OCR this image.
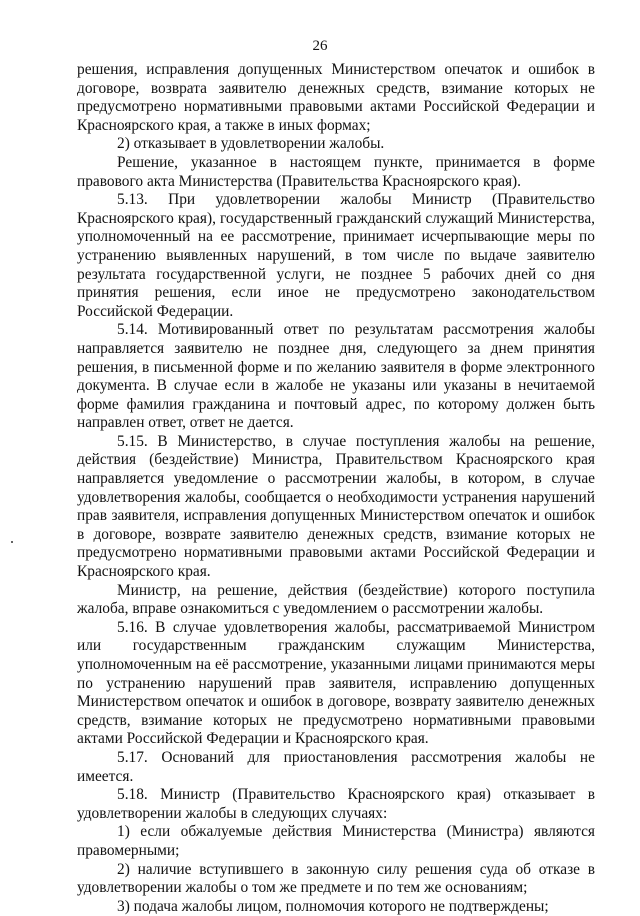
26

решения, исправления допущенных Министерством опечаток и ошибок в договоре, возврата заявителю денежных средств, взимание которых не предусмотрено нормативными правовыми актами Российской Федерации и Красноярского края, а также в иных формах;

2) отказывает в удовлетворении жалобы.

Решение, указанное в настоящем пункте, принимается в форме правового акта Министерства (Правительства Красноярского края).

5.13. При удовлетворении жалобы Министр (Правительство Красноярского края), государственный гражданский служащий Министерства, уполномоченный на ее рассмотрение, принимает исчерпывающие меры по устранению выявленных нарушений, в том числе по выдаче заявителю результата государственной услуги, не позднее 5 рабочих дней со дня принятия решения, если иное не предусмотрено законодательством Российской Федерации.

5.14. Мотивированный ответ по результатам рассмотрения жалобы направляется заявителю не позднее дня, следующего за днем принятия решения, в письменной форме и по желанию заявителя в форме электронного документа. В случае если в жалобе не указаны или указаны в нечитаемой форме фамилия гражданина и почтовый адрес, по которому должен быть направлен ответ, ответ не дается.

5.15. В Министерство, в случае поступления жалобы на решение, действия (бездействие) Министра, Правительством Красноярского края направляется уведомление о рассмотрении жалобы, в котором, в случае удовлетворения жалобы, сообщается о необходимости устранения нарушений прав заявителя, исправления допущенных Министерством опечаток и ошибок в договоре, возврате заявителю денежных средств, взимание которых не предусмотрено нормативными правовыми актами Российской Федерации и Красноярского края.

Министр, на решение, действия (бездействие) которого поступила жалоба, вправе ознакомиться с уведомлением о рассмотрении жалобы.

5.16. В случае удовлетворения жалобы, рассматриваемой Министром или государственным гражданским служащим Министерства, уполномоченным на её рассмотрение, указанными лицами принимаются меры по устранению нарушений прав заявителя, исправлению допущенных Министерством опечаток и ошибок в договоре, возврату заявителю денежных средств, взимание которых не предусмотрено нормативными правовыми актами Российской Федерации и Красноярского края.

5.17. Оснований для приостановления рассмотрения жалобы не имеется.

5.18. Министр (Правительство Красноярского края) отказывает в удовлетворении жалобы в следующих случаях:

1) если обжалуемые действия Министерства (Министра) являются правомерными;

2) наличие вступившего в законную силу решения суда об отказе в удовлетворении жалобы о том же предмете и по тем же основаниям;

3) подача жалобы лицом, полномочия которого не подтверждены;
